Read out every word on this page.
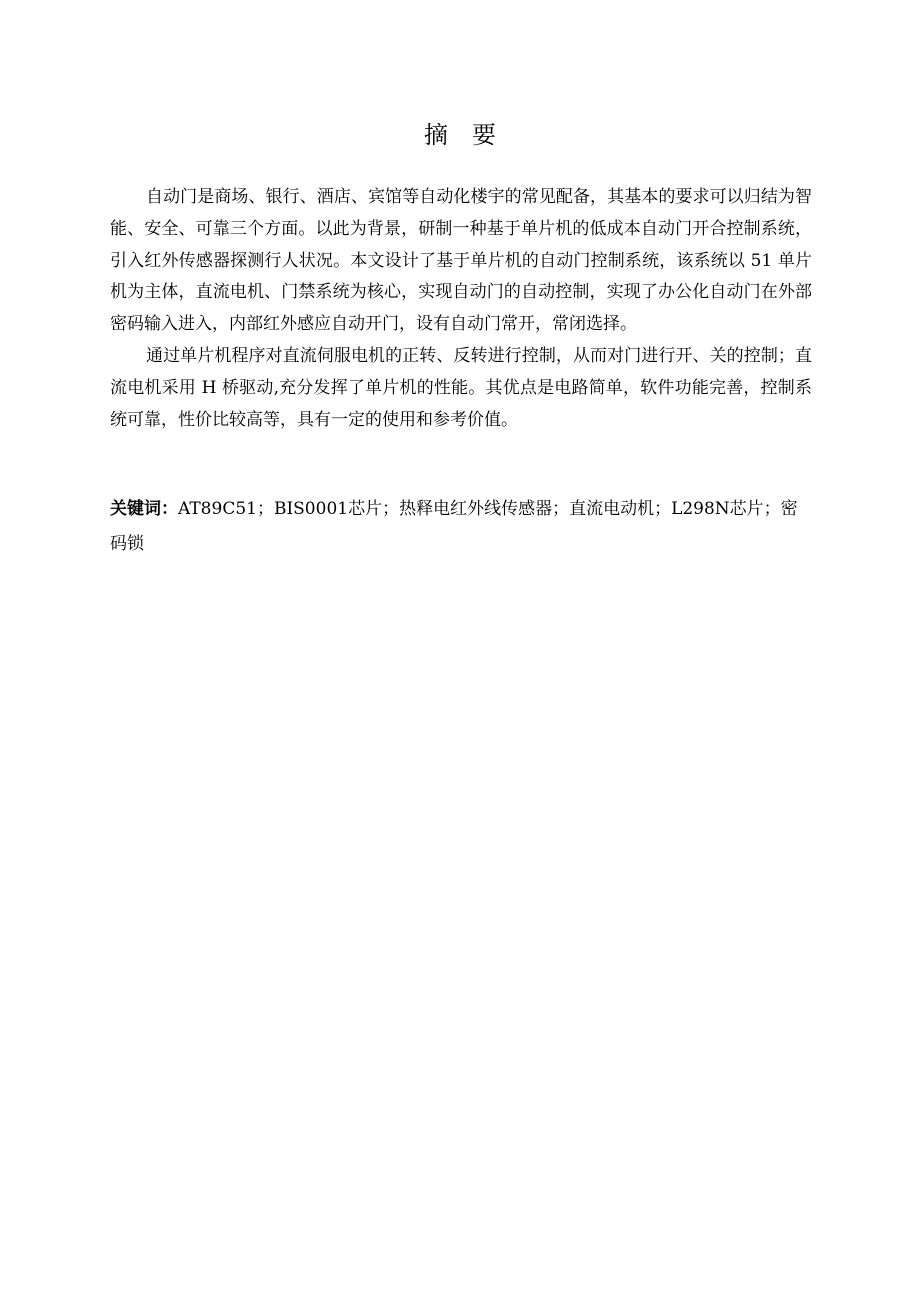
摘要

自动门是商场、银行、酒店、宾馆等自动化楼宇的常见配备，其基本的要求可以归结为智能、安全、可靠三个方面。以此为背景，研制一种基于单片机的低成本自动门开合控制系统，引入红外传感器探测行人状况。本文设计了基于单片机的自动门控制系统，该系统以 51 单片机为主体，直流电机、门禁系统为核心，实现自动门的自动控制，实现了办公化自动门在外部密码输入进入，内部红外感应自动开门，设有自动门常开，常闭选择。

通过单片机程序对直流伺服电机的正转、反转进行控制，从而对门进行开、关的控制；直流电机采用 H 桥驱动,充分发挥了单片机的性能。其优点是电路简单，软件功能完善，控制系统可靠，性价比较高等，具有一定的使用和参考价值。

关键词：AT89C51；BIS0001芯片；热释电红外线传感器；直流电动机；L298N芯片；密码锁
